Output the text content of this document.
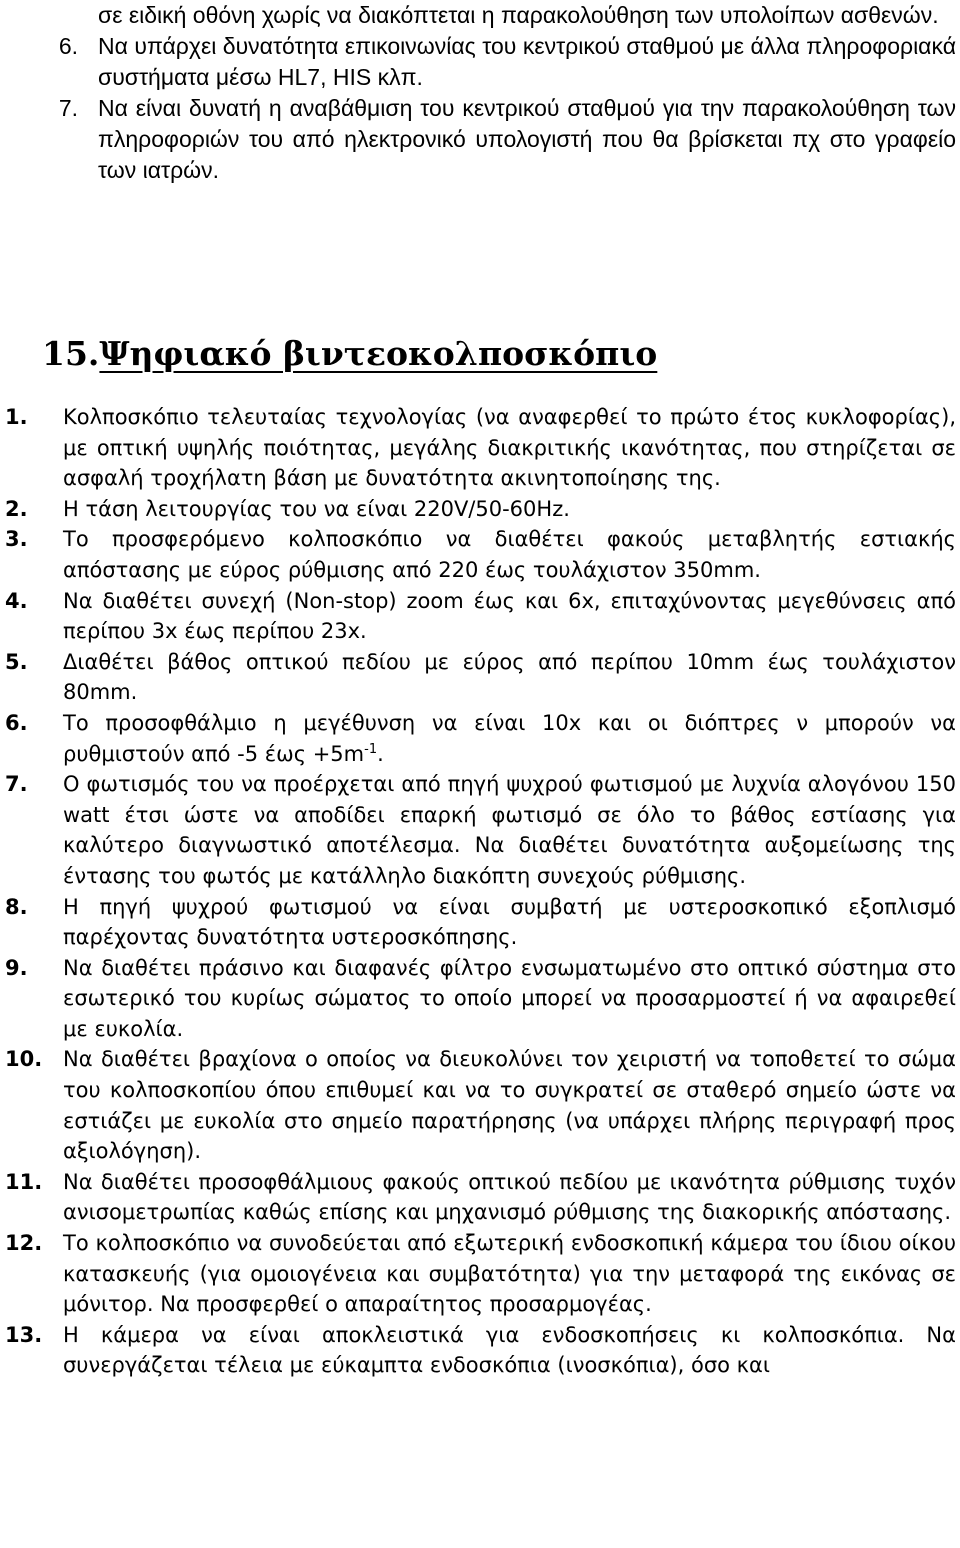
σε ειδική οθόνη χωρίς να διακόπτεται η παρακολούθηση των υπολοίπων ασθενών.

6. Να υπάρχει δυνατότητα επικοινωνίας του κεντρικού σταθμού με άλλα πληροφοριακά συστήματα μέσω HL7, HIS κλπ.

7. Να είναι δυνατή η αναβάθμιση του κεντρικού σταθμού για την παρακολούθηση των πληροφοριών του από ηλεκτρονικό υπολογιστή που θα βρίσκεται πχ στο γραφείο των ιατρών.

15.Ψηφιακό βιντεοκολποσκόπιο
1. Κολποσκόπιο τελευταίας τεχνολογίας (να αναφερθεί το πρώτο έτος κυκλοφορίας), με οπτική υψηλής ποιότητας, μεγάλης διακριτικής ικανότητας, που στηρίζεται σε ασφαλή τροχήλατη βάση με δυνατότητα ακινητοποίησης της.
2. Η τάση λειτουργίας του να είναι 220V/50-60Hz.
3. Το προσφερόμενο κολποσκόπιο να διαθέτει φακούς μεταβλητής εστιακής απόστασης με εύρος ρύθμισης από 220 έως τουλάχιστον 350mm.
4. Να διαθέτει συνεχή (Non-stop) zoom έως και 6x, επιταχύνοντας μεγεθύνσεις από περίπου 3x έως περίπου 23x.
5. Διαθέτει βάθος οπτικού πεδίου με εύρος από περίπου 10mm έως τουλάχιστον 80mm.
6. Το προσοφθάλμιο η μεγέθυνση να είναι 10x και οι διόπτρες ν μπορούν να ρυθμιστούν από -5 $έ\omega\varsigma +5m^{-1}$.
7. Ο φωτισμός του να προέρχεται από πηγή ψυχρού φωτισμού με λυχνία αλογόνου 150 watt έτσι ώστε να αποδίδει επαρκή φωτισμό σε όλο το βάθος εστίασης για καλύτερο διαγνωστικό αποτέλεσμα. Να διαθέτει δυνατότητα αυξομείωσης της έντασης του φωτός με κατάλληλο διακόπτη συνεχούς ρύθμισης.
8. Η πηγή ψυχρού φωτισμού να είναι συμβατή με υστεροσκοπικό εξοπλισμό παρέχοντας δυνατότητα υστεροσκόπησης.
9. Να διαθέτει πράσινο και διαφανές φίλτρο ενσωματωμένο στο οπτικό σύστημα στο εσωτερικό του κυρίως σώματος το οποίο μπορεί να προσαρμοστεί ή να αφαιρεθεί με ευκολία.
10. Να διαθέτει βραχίονα ο οποίος να διευκολύνει τον χειριστή να τοποθετεί το σώμα του κολποσκοπίου όπου επιθυμεί και να το συγκρατεί σε σταθερό σημείο ώστε να εστιάζει με ευκολία στο σημείο παρατήρησης (να υπάρχει πλήρης περιγραφή προς αξιολόγηση).
11. Να διαθέτει προσοφθάλμιους φακούς οπτικού πεδίου με ικανότητα ρύθμισης τυχόν ανισομετρωπίας καθώς επίσης και μηχανισμό ρύθμισης της διακορικής απόστασης.
12. Το κολποσκόπιο να συνοδεύεται από εξωτερική ενδοσκοπική κάμερα του ίδιου οίκου κατασκευής (για ομοιογένεια και συμβατότητα) για την μεταφορά της εικόνας σε μόνιτορ. Να προσφερθεί ο απαραίτητος προσαρμογέας.
13. Η κάμερα να είναι αποκλειστικά για ενδοσκοπήσεις κι κολποσκόπια. Να συνεργάζεται τέλεια με εύκαμπτα ενδοσκόπια (ινοσκόπια), όσο και
